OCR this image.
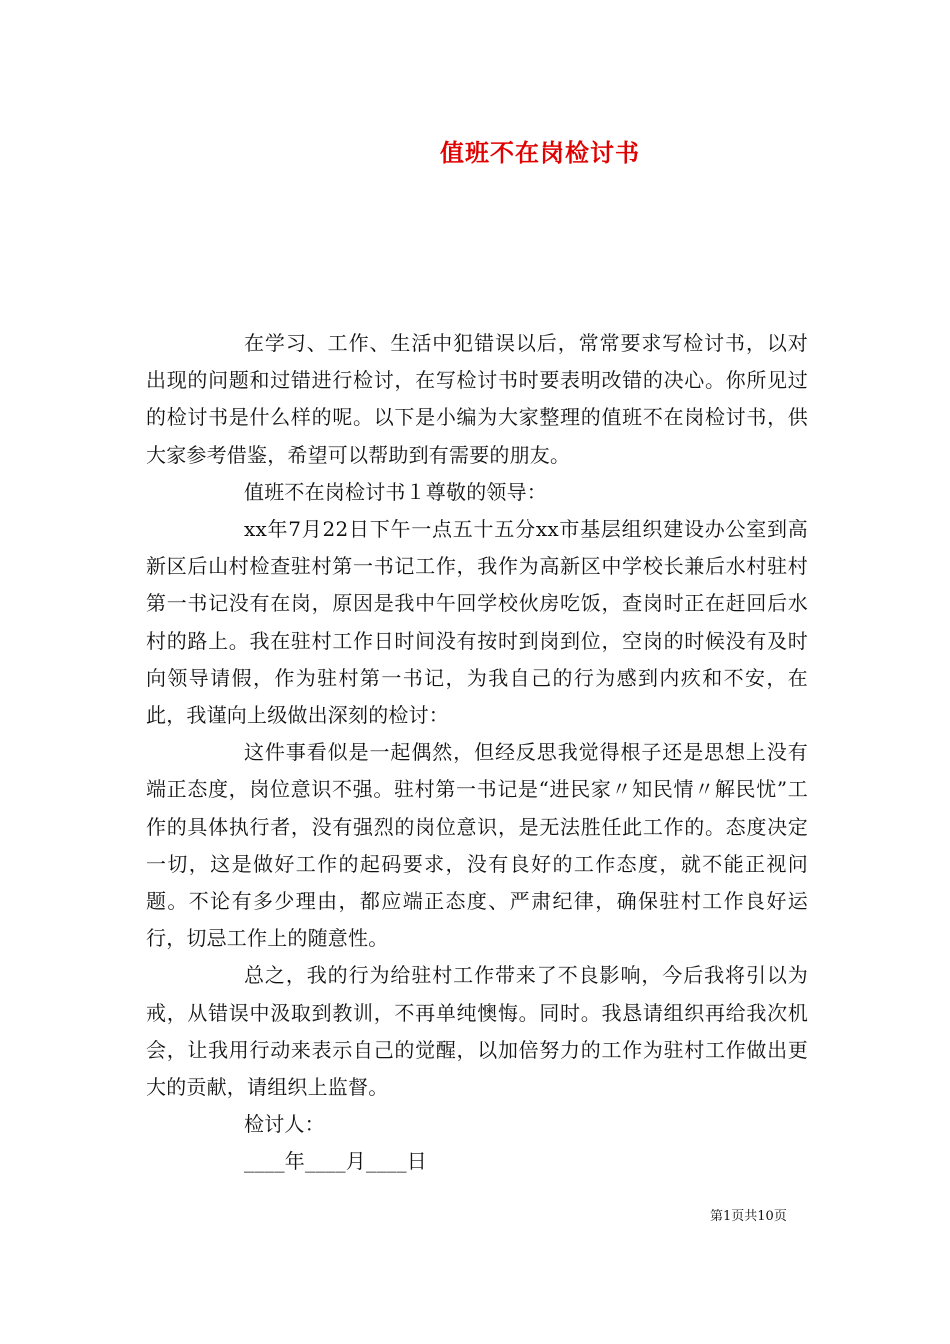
值班不在岗检讨书

在学习、工作、生活中犯错误以后，常常要求写检讨书，以对出现的问题和过错进行检讨，在写检讨书时要表明改错的决心。你所见过的检讨书是什么样的呢。以下是小编为大家整理的值班不在岗检讨书，供大家参考借鉴，希望可以帮助到有需要的朋友。

值班不在岗检讨书１尊敬的领导：

xx年7月22日下午一点五十五分xx市基层组织建设办公室到高新区后山村检查驻村第一书记工作，我作为高新区中学校长兼后水村驻村第一书记没有在岗，原因是我中午回学校伙房吃饭，查岗时正在赶回后水村的路上。我在驻村工作日时间没有按时到岗到位，空岗的时候没有及时向领导请假，作为驻村第一书记，为我自己的行为感到内疚和不安，在此，我谨向上级做出深刻的检讨：

这件事看似是一起偶然，但经反思我觉得根子还是思想上没有端正态度，岗位意识不强。驻村第一书记是“进民家〃知民情〃解民忧”工作的具体执行者，没有强烈的岗位意识，是无法胜任此工作的。态度决定一切，这是做好工作的起码要求，没有良好的工作态度，就不能正视问题。不论有多少理由，都应端正态度、严肃纪律，确保驻村工作良好运行，切忌工作上的随意性。

总之，我的行为给驻村工作带来了不良影响，今后我将引以为戒，从错误中汲取到教训，不再单纯懊悔。同时。我恳请组织再给我次机会，让我用行动来表示自己的觉醒，以加倍努力的工作为驻村工作做出更大的贡献，请组织上监督。

检讨人：

____年____月____日

第1页共10页
